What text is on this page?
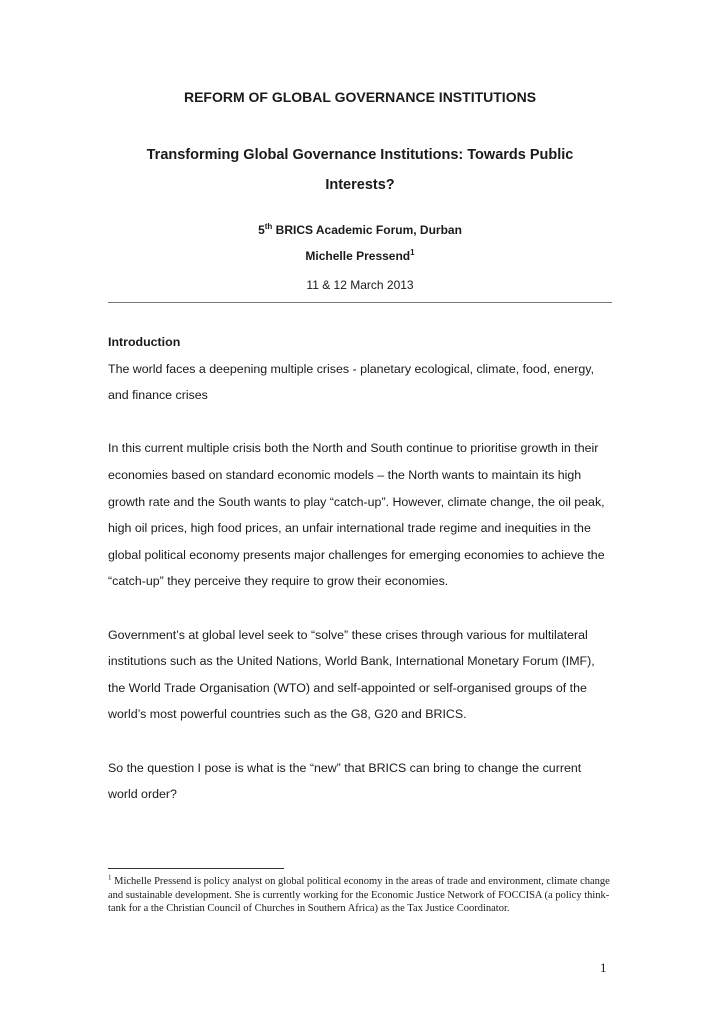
REFORM OF GLOBAL GOVERNANCE INSTITUTIONS
Transforming Global Governance Institutions: Towards Public Interests?
5th BRICS Academic Forum, Durban
Michelle Pressend$^1$
11 & 12 March 2013

Introduction

The world faces a deepening multiple crises - planetary ecological, climate, food, energy, and finance crises

In this current multiple crisis both the North and South continue to prioritise growth in their economies based on standard economic models – the North wants to maintain its high growth rate and the South wants to play “catch-up”. However, climate change, the oil peak, high oil prices, high food prices, an unfair international trade regime and inequities in the global political economy presents major challenges for emerging economies to achieve the “catch-up” they perceive they require to grow their economies.

Government’s at global level seek to “solve” these crises through various for multilateral institutions such as the United Nations, World Bank, International Monetary Forum (IMF), the World Trade Organisation (WTO) and self-appointed or self-organised groups of the world’s most powerful countries such as the G8, G20 and BRICS.

So the question I pose is what is the “new” that BRICS can bring to change the current world order?

$^1$ Michelle Pressend is policy analyst on global political economy in the areas of trade and environment, climate change and sustainable development. She is currently working for the Economic Justice Network of FOCCISA (a policy think-tank for a the Christian Council of Churches in Southern Africa) as the Tax Justice Coordinator.
1
